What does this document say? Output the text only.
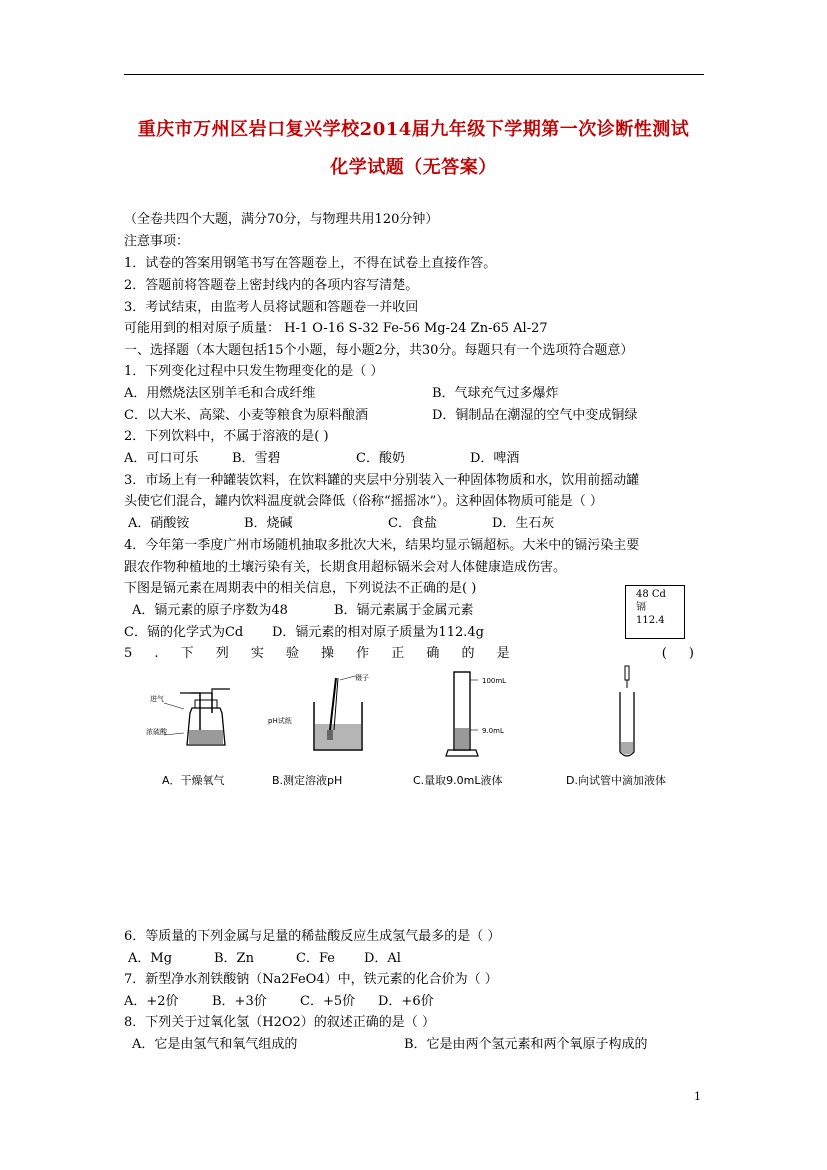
重庆市万州区岩口复兴学校2014届九年级下学期第一次诊断性测试
化学试题（无答案）
（全卷共四个大题，满分70分，与物理共用120分钟）
注意事项：
1．试卷的答案用钢笔书写在答题卷上，不得在试卷上直接作答。
2．答题前将答题卷上密封线内的各项内容写清楚。
3．考试结束，由监考人员将试题和答题卷一并收回
可能用到的相对原子质量： H-1 O-16 S-32 Fe-56 Mg-24 Zn-65 Al-27
一、选择题（本大题包括15个小题，每小题2分，共30分。每题只有一个选项符合题意）
1．下列变化过程中只发生物理变化的是（ ）
A．用燃烧法区别羊毛和合成纤维	B．气球充气过多爆炸
C．以大米、高粱、小麦等粮食为原料酿酒	D．铜制品在潮湿的空气中变成铜绿
2．下列饮料中，不属于溶液的是( )
A．可口可乐	B．雪碧	C．酸奶	D．啤酒
3．市场上有一种罐装饮料，在饮料罐的夹层中分别装入一种固体物质和水，饮用前摇动罐
头使它们混合，罐内饮料温度就会降低（俗称“摇摇冰”）。这种固体物质可能是（ ）
A．硝酸铵	B．烧碱	C．食盐	D．生石灰
4．今年第一季度广州市场随机抽取多批次大米，结果均显示镉超标。大米中的镉污染主要
跟农作物种植地的土壤污染有关，长期食用超标镉米会对人体健康造成伤害。
下图是镉元素在周期表中的相关信息，下列说法不正确的是( )
A．镉元素的原子序数为48	B．镉元素属于金属元素
C．镉的化学式为Cd D．镉元素的相对原子质量为112.4g
48 Cd
镉
112.4
5 . 下 列 实 验 操 作 正 确 的 是	( )
进气
浓硫酸
A．干燥氧气
pH试纸
镊子
B.测定溶液pH
100mL
9.0mL
C.量取9.0mL液体	D.向试管中滴加液体
6．等质量的下列金属与足量的稀盐酸反应生成氢气最多的是（ ）
A．Mg	B．Zn	C．Fe D．Al
7．新型净水剂铁酸钠（Na2FeO4）中，铁元素的化合价为（ ）
A．+2价	B．+3价	C．+5价 D．+6价
8．下列关于过氧化氢（H2O2）的叙述正确的是（ ）
A．它是由氢气和氧气组成的	B．它是由两个氢元素和两个氧原子构成的
1
